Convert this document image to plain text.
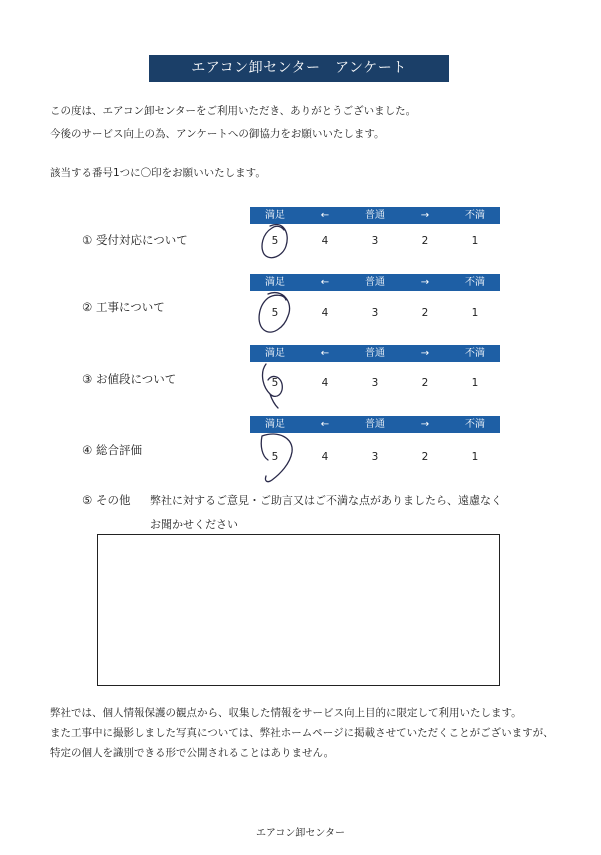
エアコン卸センター　アンケート
この度は、エアコン卸センターをご利用いただき、ありがとうございました。
今後のサービス向上の為、アンケートへの御協力をお願いいたします。
該当する番号1つに〇印をお願いいたします。
① 受付対応について
満足	←	普通	→	不満
5	4	3	2	1
② 工事について
満足	←	普通	→	不満
5	4	3	2	1
③ お値段について
満足	←	普通	→	不満
5	4	3	2	1
④ 総合評価
満足	←	普通	→	不満
5	4	3	2	1
⑤ その他 弊社に対するご意見・ご助言又はご不満な点がありましたら、遠慮なく
お聞かせください
弊社では、個人情報保護の観点から、収集した情報をサービス向上目的に限定して利用いたします。
また工事中に撮影しました写真については、弊社ホームページに掲載させていただくことがございますが、
特定の個人を識別できる形で公開されることはありません。
エアコン卸センター
